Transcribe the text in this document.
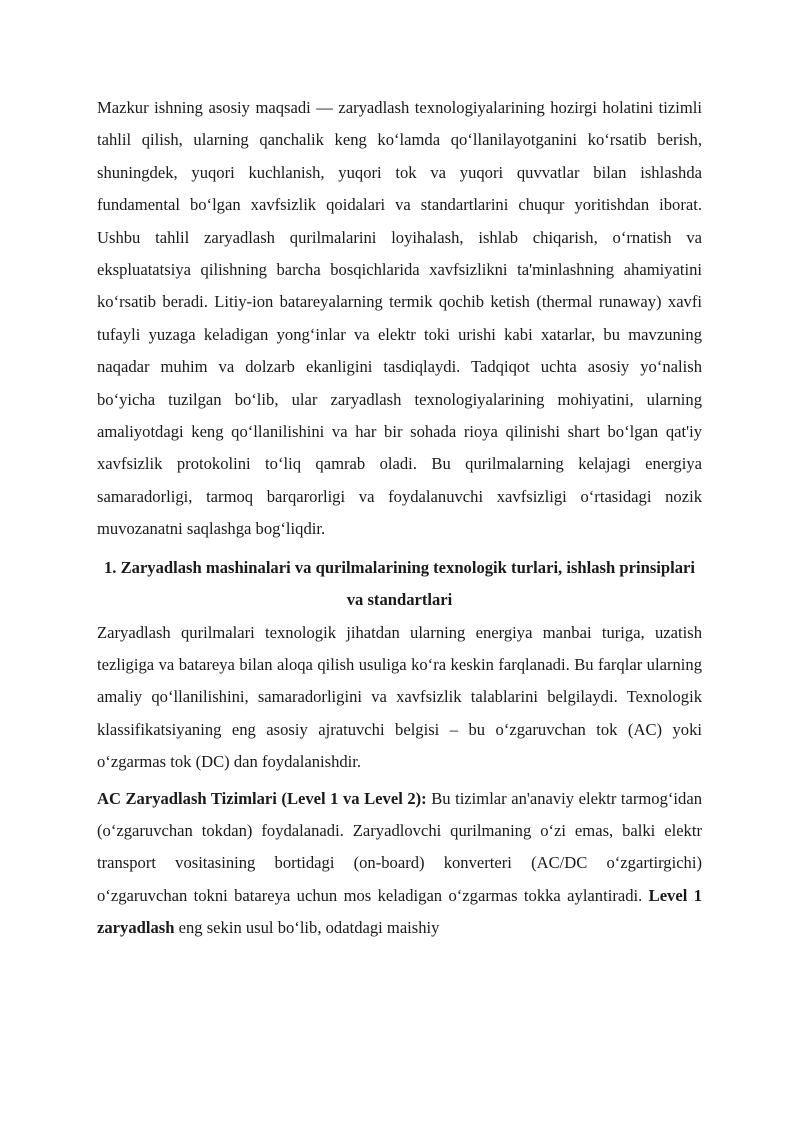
Mazkur ishning asosiy maqsadi — zaryadlash texnologiyalarining hozirgi holatini tizimli tahlil qilish, ularning qanchalik keng ko‘lamda qo‘llanilayotganini ko‘rsatib berish, shuningdek, yuqori kuchlanish, yuqori tok va yuqori quvvatlar bilan ishlashda fundamental bo‘lgan xavfsizlik qoidalari va standartlarini chuqur yoritishdan iborat. Ushbu tahlil zaryadlash qurilmalarini loyihalash, ishlab chiqarish, o‘rnatish va ekspluatatsiya qilishning barcha bosqichlarida xavfsizlikni ta'minlashning ahamiyatini ko‘rsatib beradi. Litiy-ion batareyalarning termik qochib ketish (thermal runaway) xavfi tufayli yuzaga keladigan yong‘inlar va elektr toki urishi kabi xatarlar, bu mavzuning naqadar muhim va dolzarb ekanligini tasdiqlaydi. Tadqiqot uchta asosiy yo‘nalish bo‘yicha tuzilgan bo‘lib, ular zaryadlash texnologiyalarining mohiyatini, ularning amaliyotdagi keng qo‘llanilishini va har bir sohada rioya qilinishi shart bo‘lgan qat'iy xavfsizlik protokolini to‘liq qamrab oladi. Bu qurilmalarning kelajagi energiya samaradorligi, tarmoq barqarorligi va foydalanuvchi xavfsizligi o‘rtasidagi nozik muvozanatni saqlashga bog‘liqdir.

1. Zaryadlash mashinalari va qurilmalarining texnologik turlari, ishlash prinsiplari va standartlari

Zaryadlash qurilmalari texnologik jihatdan ularning energiya manbai turiga, uzatish tezligiga va batareya bilan aloqa qilish usuliga ko‘ra keskin farqlanadi. Bu farqlar ularning amaliy qo‘llanilishini, samaradorligini va xavfsizlik talablarini belgilaydi. Texnologik klassifikatsiyaning eng asosiy ajratuvchi belgisi – bu o‘zgaruvchan tok (AC) yoki o‘zgarmas tok (DC) dan foydalanishdir.

AC Zaryadlash Tizimlari (Level 1 va Level 2): Bu tizimlar an'anaviy elektr tarmog‘idan (o‘zgaruvchan tokdan) foydalanadi. Zaryadlovchi qurilmaning o‘zi emas, balki elektr transport vositasining bortidagi (on-board) konverteri (AC/DC o‘zgartirgichi) o‘zgaruvchan tokni batareya uchun mos keladigan o‘zgarmas tokka aylantiradi. Level 1 zaryadlash eng sekin usul bo‘lib, odatdagi maishiy
